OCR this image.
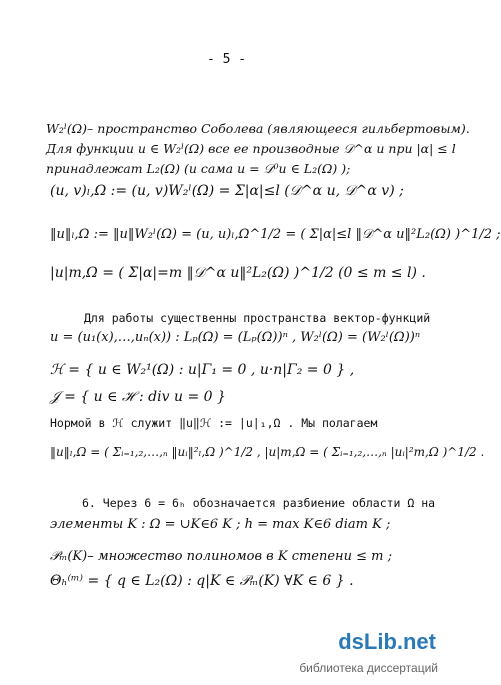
- 5 -
W₂ˡ(Ω)– пространство Соболева (являющееся гильбертовым).
Для функции u ∈ W₂ˡ(Ω) все ее производные 𝒟^α u при |α| ≤ l
принадлежат L₂(Ω) (и сама u = 𝒟⁰u ∈ L₂(Ω) );
(u, v)ₗ,Ω := (u, v)W₂ˡ(Ω) = Σ|α|≤l (𝒟^α u, 𝒟^α v) ;
‖u‖ₗ,Ω := ‖u‖W₂ˡ(Ω) = (u, u)ₗ,Ω^1/2 = ( Σ|α|≤l ‖𝒟^α u‖²L₂(Ω) )^1/2 ;
|u|m,Ω = ( Σ|α|=m ‖𝒟^α u‖²L₂(Ω) )^1/2 (0 ≤ m ≤ l) .
Для работы существенны пространства вектор-функций
u = (u₁(x),…,uₙ(x)) : Lₚ(Ω) = (Lₚ(Ω))ⁿ , W₂ˡ(Ω) = (W₂ˡ(Ω))ⁿ
ℋ = { u ∈ W₂¹(Ω) : u|Γ₁ = 0 , u·n|Γ₂ = 0 } ,
𝒥 = { u ∈ ℋ : div u = 0 }
Нормой в ℋ служит ‖u‖ℋ := |u|₁,Ω . Мы полагаем
‖u‖ₗ,Ω = ( Σᵢ₌₁,₂,…,ₙ ‖uᵢ‖²ₗ,Ω )^1/2 , |u|m,Ω = ( Σᵢ₌₁,₂,…,ₙ |uᵢ|²m,Ω )^1/2 .
6. Через 6 = 6ₕ обозначается разбиение области Ω на
элементы K : Ω = ∪K∈6 K ; h = max K∈6 diam K ;
𝒫ₘ(K)– множество полиномов в K степени ≤ m ;
Θₕ⁽ᵐ⁾ = { q ∈ L₂(Ω) : q|K ∈ 𝒫ₘ(K) ∀K ∈ 6 } .
dsLib.net
библиотека диссертаций
